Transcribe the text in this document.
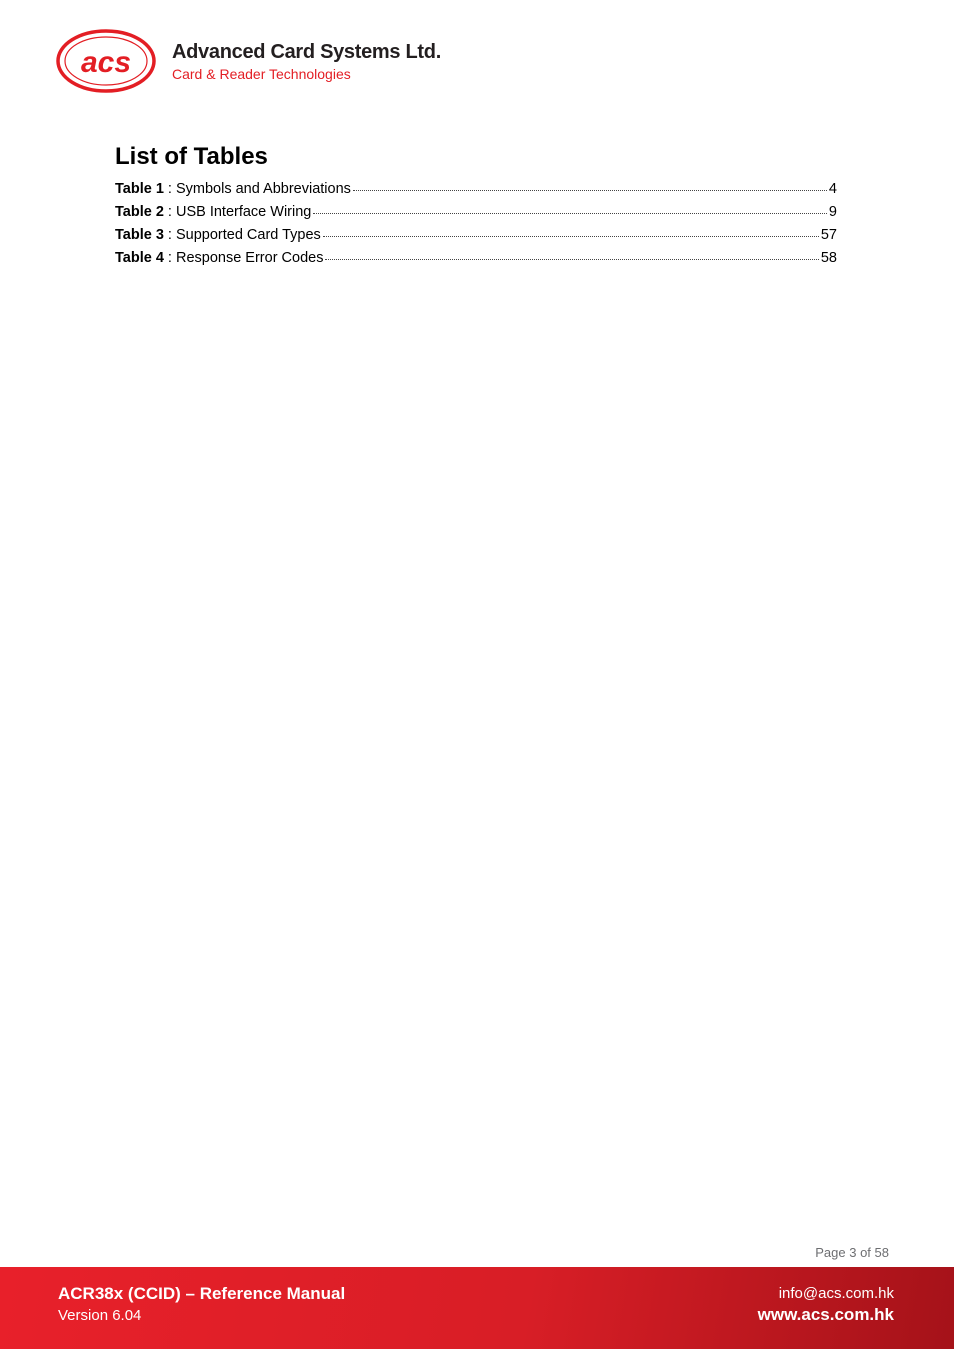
acs Advanced Card Systems Ltd.
Card & Reader Technologies
List of Tables
Table 1 : Symbols and Abbreviations	4
Table 2 : USB Interface Wiring	9
Table 3 : Supported Card Types	57
Table 4 : Response Error Codes	58
Page 3 of 58
ACR38x (CCID) – Reference Manual
Version 6.04
info@acs.com.hk
www.acs.com.hk
